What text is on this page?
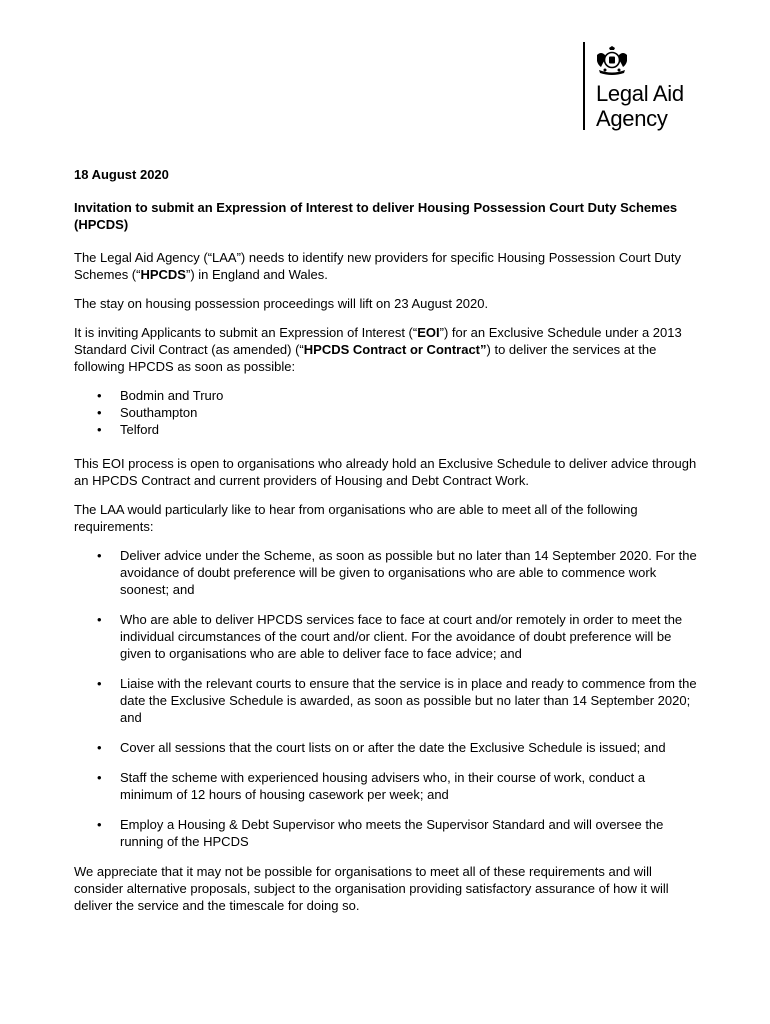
Legal Aid
Agency
18 August 2020
Invitation to submit an Expression of Interest to deliver Housing Possession Court Duty Schemes (HPCDS)

The Legal Aid Agency (“LAA”) needs to identify new providers for specific Housing Possession Court Duty Schemes (“HPCDS”) in England and Wales.

The stay on housing possession proceedings will lift on 23 August 2020.

It is inviting Applicants to submit an Expression of Interest (“EOI”) for an Exclusive Schedule under a 2013 Standard Civil Contract (as amended) (“HPCDS Contract or Contract”) to deliver the services at the following HPCDS as soon as possible:

• Bodmin and Truro
• Southampton
• Telford

This EOI process is open to organisations who already hold an Exclusive Schedule to deliver advice through an HPCDS Contract and current providers of Housing and Debt Contract Work.

The LAA would particularly like to hear from organisations who are able to meet all of the following requirements:

• Deliver advice under the Scheme, as soon as possible but no later than 14 September 2020. For the avoidance of doubt preference will be given to organisations who are able to commence work soonest; and
• Who are able to deliver HPCDS services face to face at court and/or remotely in order to meet the individual circumstances of the court and/or client. For the avoidance of doubt preference will be given to organisations who are able to deliver face to face advice; and
• Liaise with the relevant courts to ensure that the service is in place and ready to commence from the date the Exclusive Schedule is awarded, as soon as possible but no later than 14 September 2020; and
• Cover all sessions that the court lists on or after the date the Exclusive Schedule is issued; and
• Staff the scheme with experienced housing advisers who, in their course of work, conduct a minimum of 12 hours of housing casework per week; and
• Employ a Housing & Debt Supervisor who meets the Supervisor Standard and will oversee the running of the HPCDS

We appreciate that it may not be possible for organisations to meet all of these requirements and will consider alternative proposals, subject to the organisation providing satisfactory assurance of how it will deliver the service and the timescale for doing so.
